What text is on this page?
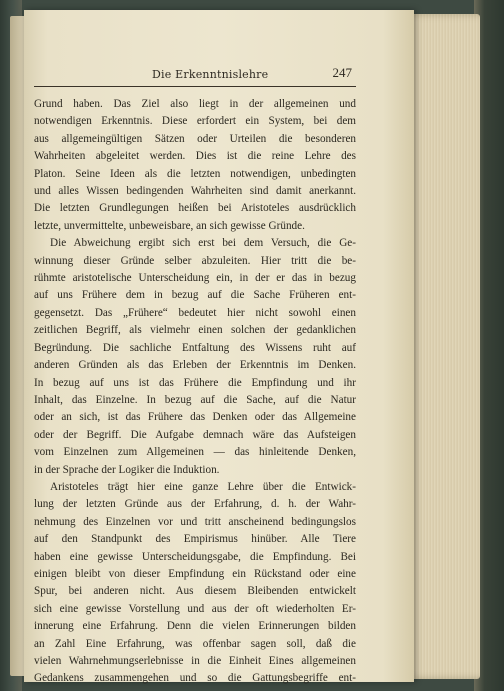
Die Erkenntnislehre	247
Grund haben. Das Ziel also liegt in der allgemeinen und
notwendigen Erkenntnis. Diese erfordert ein System, bei dem
aus allgemeingültigen Sätzen oder Urteilen die besonderen
Wahrheiten abgeleitet werden. Dies ist die reine Lehre des
Platon. Seine Ideen als die letzten notwendigen, unbedingten
und alles Wissen bedingenden Wahrheiten sind damit anerkannt.
Die letzten Grundlegungen heißen bei Aristoteles ausdrücklich
letzte, unvermittelte, unbeweisbare, an sich gewisse Gründe.
Die Abweichung ergibt sich erst bei dem Versuch, die Ge-
winnung dieser Gründe selber abzuleiten. Hier tritt die be-
rühmte aristotelische Unterscheidung ein, in der er das in bezug
auf uns Frühere dem in bezug auf die Sache Früheren ent-
gegensetzt. Das „Frühere“ bedeutet hier nicht sowohl einen
zeitlichen Begriff, als vielmehr einen solchen der gedanklichen
Begründung. Die sachliche Entfaltung des Wissens ruht auf
anderen Gründen als das Erleben der Erkenntnis im Denken.
In bezug auf uns ist das Frühere die Empfindung und ihr
Inhalt, das Einzelne. In bezug auf die Sache, auf die Natur
oder an sich, ist das Frühere das Denken oder das Allgemeine
oder der Begriff. Die Aufgabe demnach wäre das Aufsteigen
vom Einzelnen zum Allgemeinen — das hinleitende Denken,
in der Sprache der Logiker die Induktion.
Aristoteles trägt hier eine ganze Lehre über die Entwick-
lung der letzten Gründe aus der Erfahrung, d. h. der Wahr-
nehmung des Einzelnen vor und tritt anscheinend bedingungslos
auf den Standpunkt des Empirismus hinüber. Alle Tiere
haben eine gewisse Unterscheidungsgabe, die Empfindung. Bei
einigen bleibt von dieser Empfindung ein Rückstand oder eine
Spur, bei anderen nicht. Aus diesem Bleibenden entwickelt
sich eine gewisse Vorstellung und aus der oft wiederholten Er-
innerung eine Erfahrung. Denn die vielen Erinnerungen bilden
an Zahl Eine Erfahrung, was offenbar sagen soll, daß die
vielen Wahrnehmungserlebnisse in die Einheit Eines allgemeinen
Gedankens zusammengehen und so die Gattungsbegriffe ent-
